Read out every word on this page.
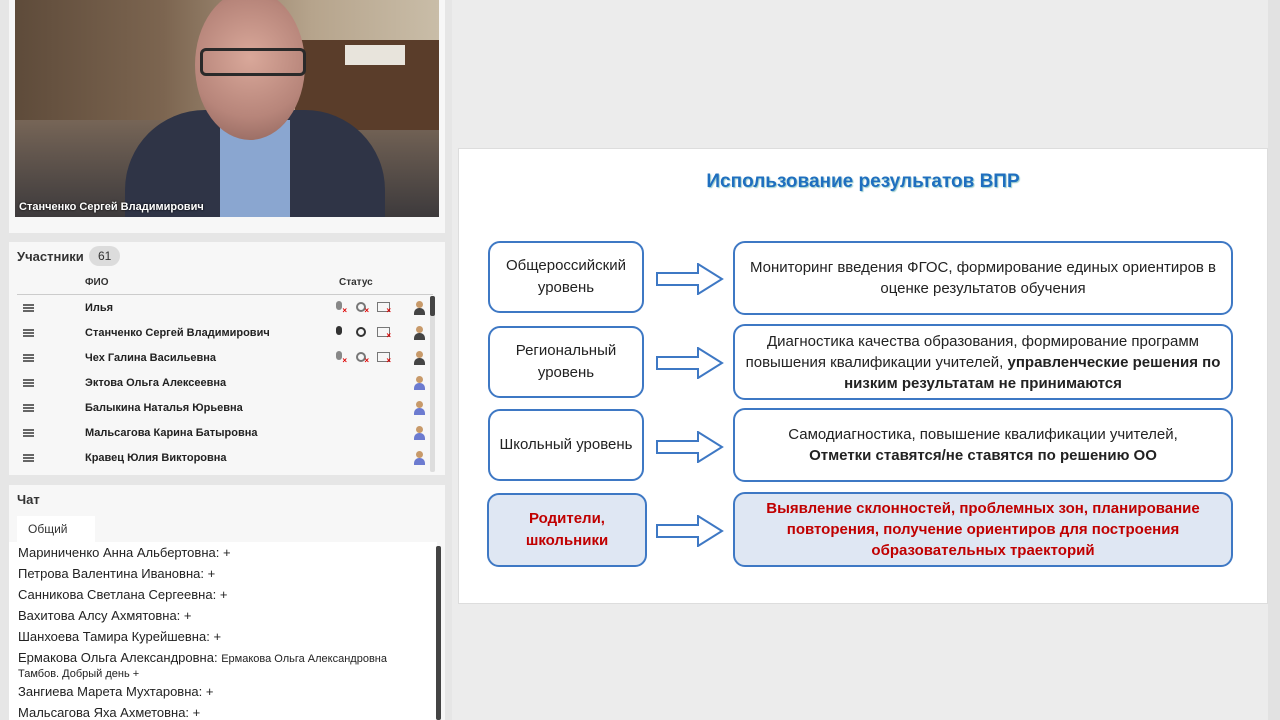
Станченко Сергей Владимирович
Участники	61
ФИО	Статус
Илья	× × ×
Станченко Сергей Владимирович	×
Чех Галина Васильевна	× × ×
Эктова Ольга Алексеевна
Балыкина Наталья Юрьевна
Мальсагова Карина Батыровна
Кравец Юлия Викторовна
Чат
Общий
Мариниченко Анна Альбертовна: +
Петрова Валентина Ивановна: +
Санникова Светлана Сергеевна: +
Вахитова Алсу Ахмятовна: +
Шанхоева Тамира Курейшевна: +
Ермакова Ольга Александровна: Ермакова Ольга Александровна Тамбов. Добрый день +
Зангиева Марета Мухтаровна: +
Мальсагова Яха Ахметовна: +
Использование результатов ВПР
Общероссийский уровень
Мониторинг введения ФГОС, формирование единых ориентиров в оценке результатов обучения
Региональный уровень
Диагностика качества образования, формирование программ повышения квалификации учителей, управленческие решения по низким результатам не принимаются
Школьный уровень
Самодиагностика, повышение квалификации учителей,
Отметки ставятся/не ставятся по решению ОО
Родители, школьники
Выявление склонностей, проблемных зон, планирование повторения, получение ориентиров для построения образовательных траекторий
